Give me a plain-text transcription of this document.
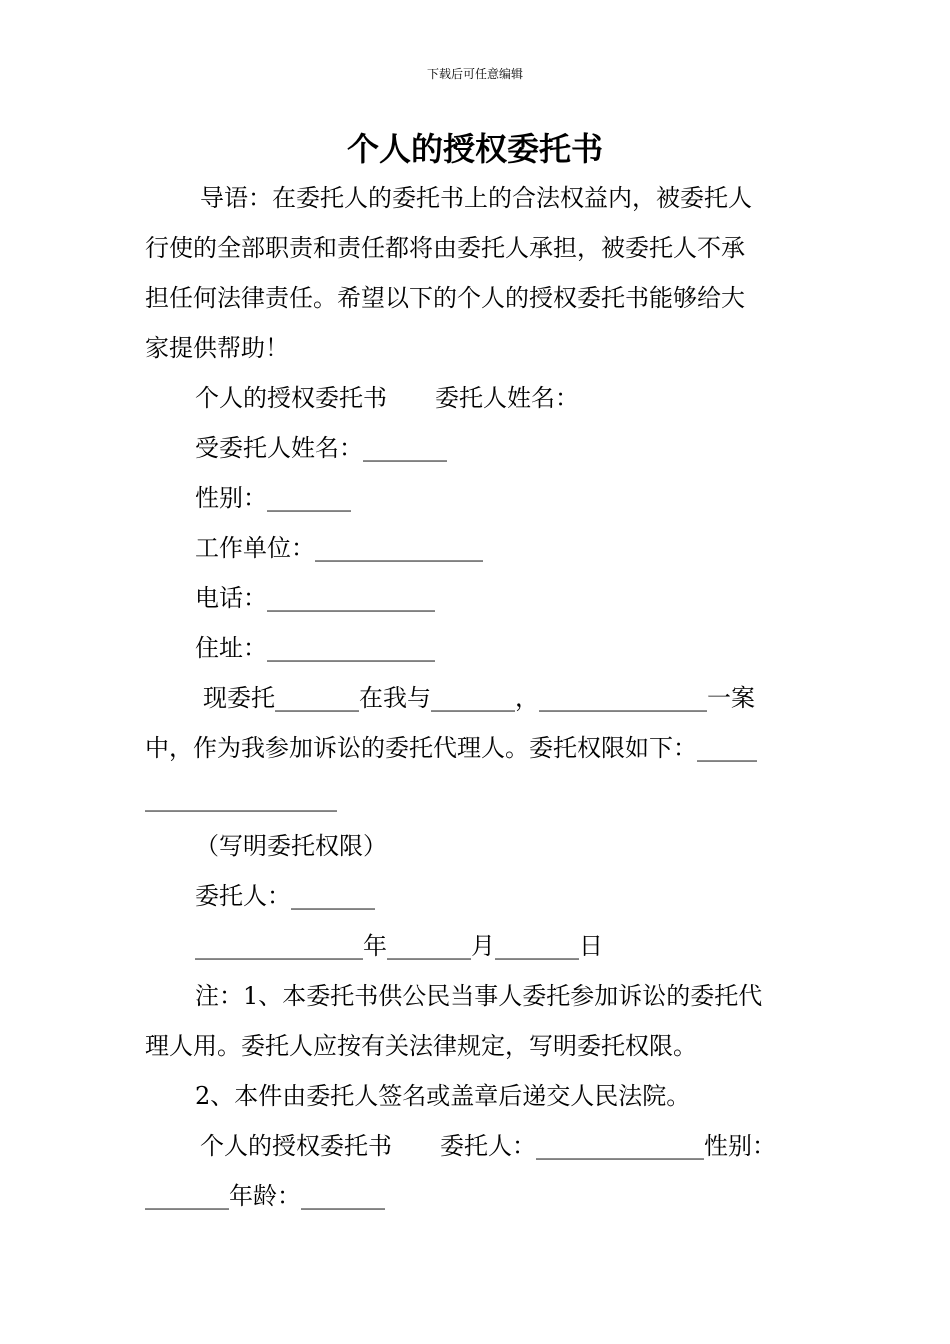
下载后可任意编辑
个人的授权委托书
导语：在委托人的委托书上的合法权益内，被委托人
行使的全部职责和责任都将由委托人承担，被委托人不承
担任何法律责任。希望以下的个人的授权委托书能够给大
家提供帮助！
个人的授权委托书　　委托人姓名：
受委托人姓名：_______
性别：_______
工作单位：______________
电话：______________
住址：______________
现委托_______在我与_______，______________一案
中，作为我参加诉讼的委托代理人。委托权限如下：_____
________________
（写明委托权限）
委托人：_______
______________年_______月_______日
注：1、本委托书供公民当事人委托参加诉讼的委托代
理人用。委托人应按有关法律规定，写明委托权限。
2、本件由委托人签名或盖章后递交人民法院。
个人的授权委托书　　委托人：______________性别：
_______年龄：_______
